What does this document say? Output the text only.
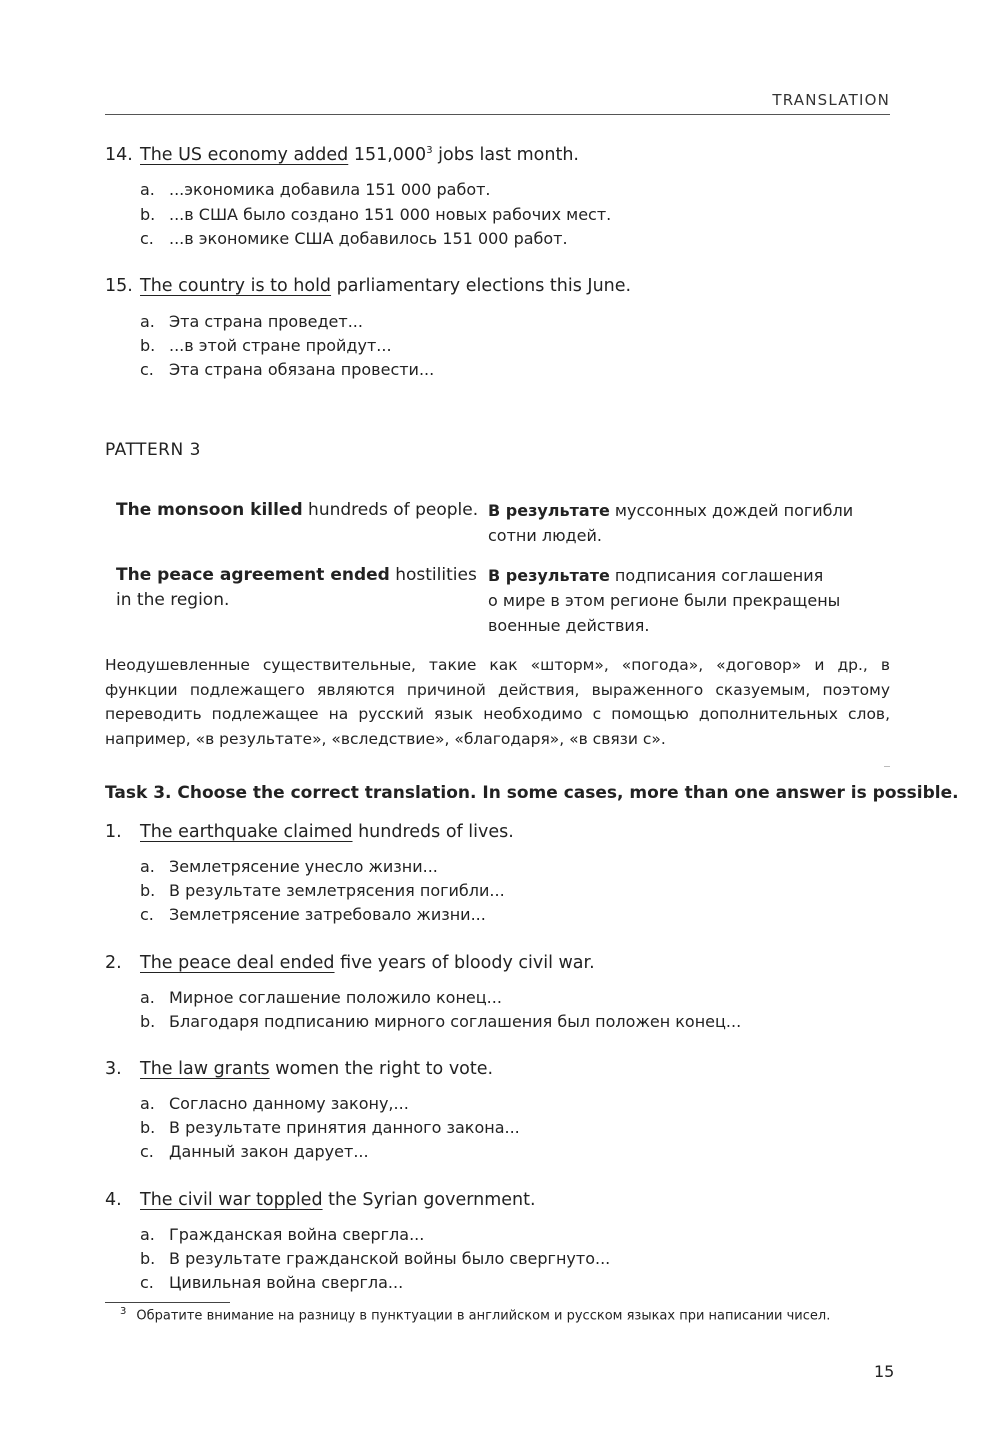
TRANSLATION
14. The US economy added 151,000$^3$ jobs last month.
a. ...экономика добавила 151 000 работ.
b. ...в США было создано 151 000 новых рабочих мест.
c. ...в экономике США добавилось 151 000 работ.
15. The country is to hold parliamentary elections this June.
a. Эта страна проведет...
b. ...в этой стране пройдут...
c. Эта страна обязана провести...
PATTERN 3
The monsoon killed hundreds of people. В результате муссонных дождей погибли
сотни людей.
The peace agreement ended hostilities
in the region.
В результате подписания соглашения
о мире в этом регионе были прекращены
военные действия.
Неодушевленные существительные, такие как «шторм», «погода», «договор» и др., в функции подлежащего являются причиной действия, выраженного сказуемым, поэтому переводить подлежащее на русский язык необходимо с помощью дополнительных слов, например, «в результате», «вследствие», «благодаря», «в связи с».
Task 3. Choose the correct translation. In some cases, more than one answer is possible.
1. The earthquake claimed hundreds of lives.
a. Землетрясение унесло жизни...
b. В результате землетрясения погибли...
c. Землетрясение затребовало жизни...
2. The peace deal ended five years of bloody civil war.
a. Мирное соглашение положило конец...
b. Благодаря подписанию мирного соглашения был положен конец...
3. The law grants women the right to vote.
a. Согласно данному закону,...
b. В результате принятия данного закона...
c. Данный закон дарует...
4. The civil war toppled the Syrian government.
a. Гражданская война свергла...
b. В результате гражданской войны было свергнуто...
c. Цивильная война свергла...
$^3$ Обратите внимание на разницу в пунктуации в английском и русском языках при написании чисел.
15
